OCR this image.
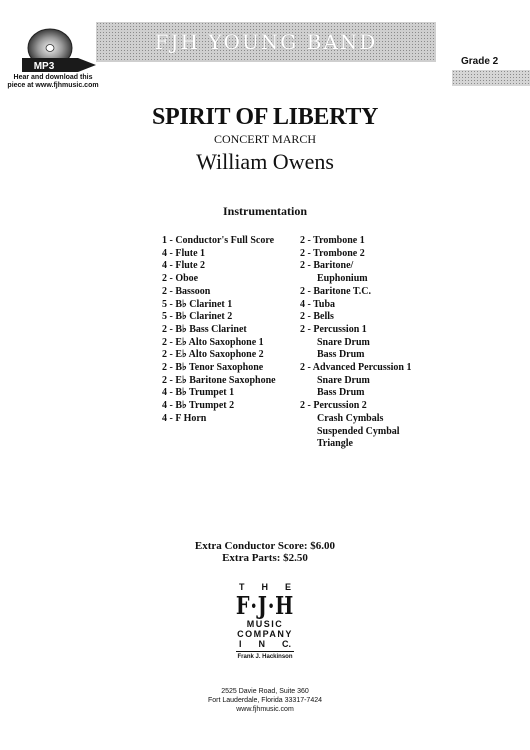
MP3
Hear and download this
piece at www.fjhmusic.com
FJH YOUNG BAND
Grade 2
SPIRIT OF LIBERTY
CONCERT MARCH
William Owens
Instrumentation
1 - Conductor's Full Score
4 - Flute 1
4 - Flute 2
2 - Oboe
2 - Bassoon
5 - B♭ Clarinet 1
5 - B♭ Clarinet 2
2 - B♭ Bass Clarinet
2 - E♭ Alto Saxophone 1
2 - E♭ Alto Saxophone 2
2 - B♭ Tenor Saxophone
2 - E♭ Baritone Saxophone
4 - B♭ Trumpet 1
4 - B♭ Trumpet 2
4 - F Horn
2 - Trombone 1
2 - Trombone 2
2 - Baritone/
Euphonium
2 - Baritone T.C.
4 - Tuba
2 - Bells
2 - Percussion 1
Snare Drum
Bass Drum
2 - Advanced Percussion 1
Snare Drum
Bass Drum
2 - Percussion 2
Crash Cymbals
Suspended Cymbal
Triangle
Extra Conductor Score: $6.00
Extra Parts: $2.50
T H E
F·J·H
MUSIC
COMPANY
I N C.
Frank J. Hackinson
2525 Davie Road, Suite 360
Fort Lauderdale, Florida 33317-7424
www.fjhmusic.com
